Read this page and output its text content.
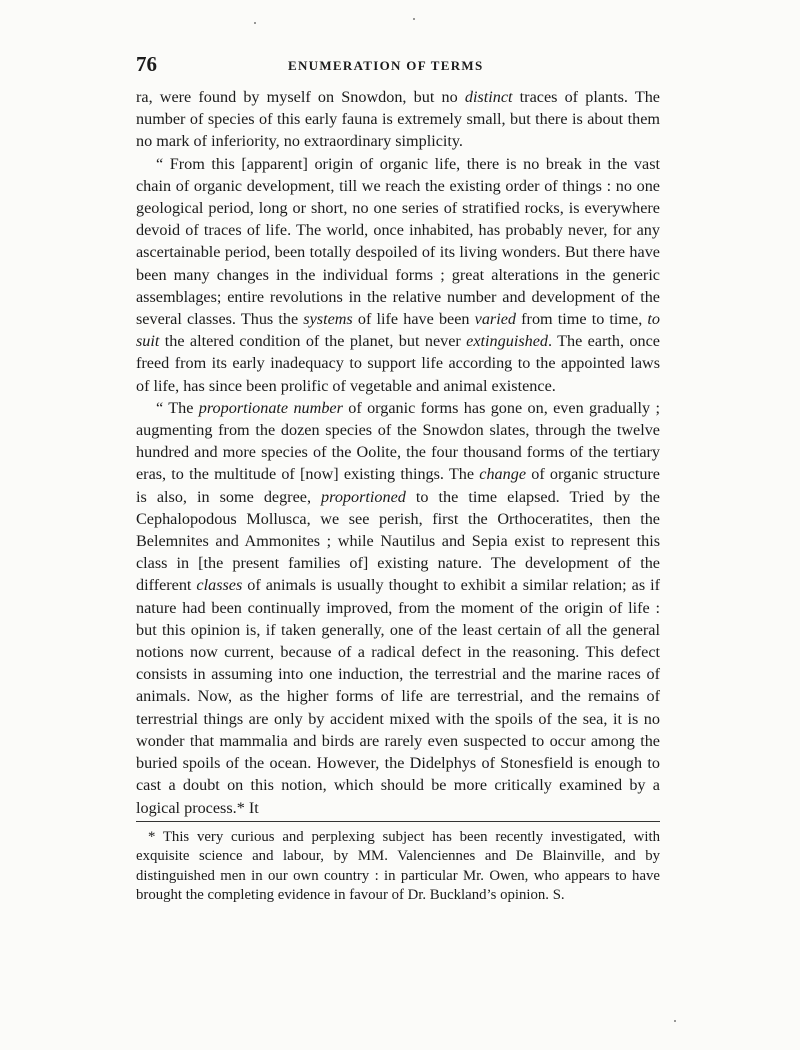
76	ENUMERATION OF TERMS

ra, were found by myself on Snowdon, but no distinct traces of plants. The number of species of this early fauna is extremely small, but there is about them no mark of inferiority, no extraordinary simplicity.

“ From this [apparent] origin of organic life, there is no break in the vast chain of organic development, till we reach the existing order of things : no one geological period, long or short, no one series of stratified rocks, is everywhere devoid of traces of life. The world, once inhabited, has probably never, for any ascertainable period, been totally despoiled of its living wonders. But there have been many changes in the individual forms ; great alterations in the generic assemblages; entire revolutions in the relative number and development of the several classes. Thus the systems of life have been varied from time to time, to suit the altered condition of the planet, but never extinguished. The earth, once freed from its early inadequacy to support life according to the appointed laws of life, has since been prolific of vegetable and animal existence.

“ The proportionate number of organic forms has gone on, even gradually ; augmenting from the dozen species of the Snowdon slates, through the twelve hundred and more species of the Oolite, the four thousand forms of the tertiary eras, to the multitude of [now] existing things. The change of organic structure is also, in some degree, proportioned to the time elapsed. Tried by the Cephalopodous Mollusca, we see perish, first the Orthoceratites, then the Belemnites and Ammonites ; while Nautilus and Sepia exist to represent this class in [the present families of] existing nature. The development of the different classes of animals is usually thought to exhibit a similar relation; as if nature had been continually improved, from the moment of the origin of life : but this opinion is, if taken generally, one of the least certain of all the general notions now current, because of a radical defect in the reasoning. This defect consists in assuming into one induction, the terrestrial and the marine races of animals. Now, as the higher forms of life are terrestrial, and the remains of terrestrial things are only by accident mixed with the spoils of the sea, it is no wonder that mammalia and birds are rarely even suspected to occur among the buried spoils of the ocean. However, the Didelphys of Stonesfield is enough to cast a doubt on this notion, which should be more critically examined by a logical process.* It

* This very curious and perplexing subject has been recently investigated, with exquisite science and labour, by MM. Valenciennes and De Blainville, and by distinguished men in our own country : in particular Mr. Owen, who appears to have brought the completing evidence in favour of Dr. Buckland’s opinion. S.
